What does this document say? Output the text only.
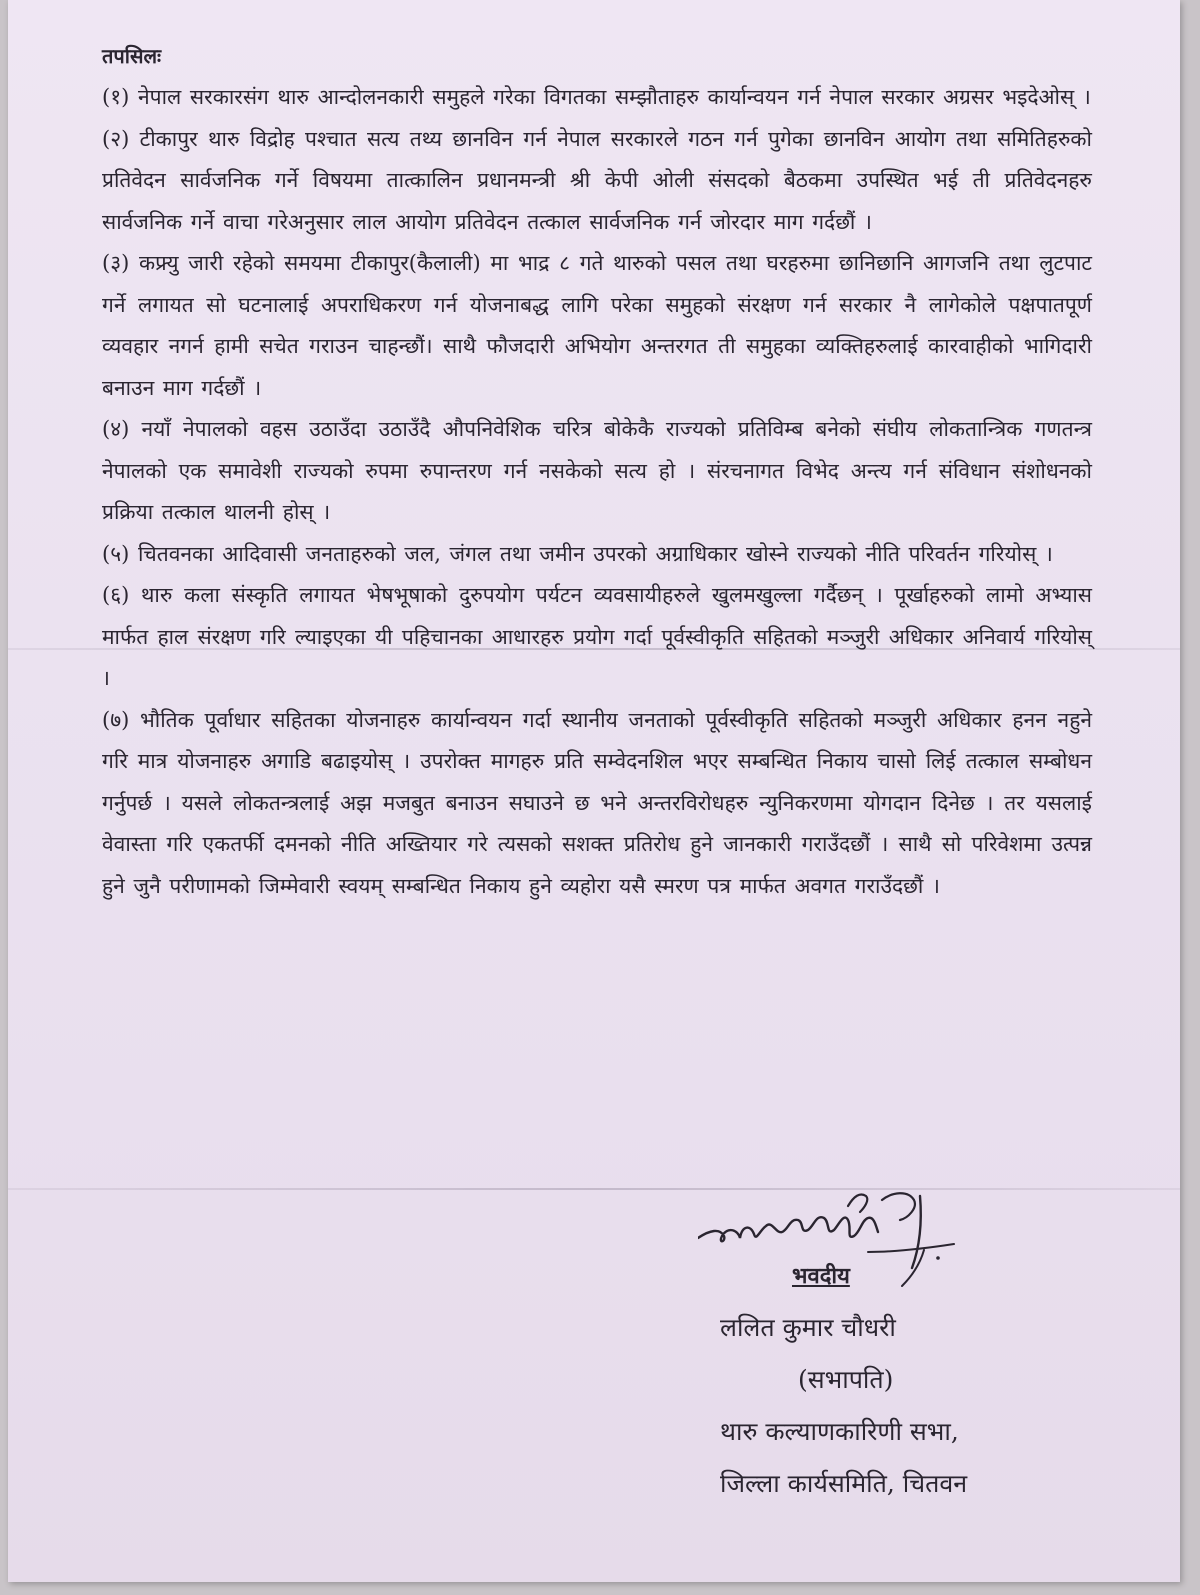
तपसिलः

(१) नेपाल सरकारसंग थारु आन्दोलनकारी समुहले गरेका विगतका सम्झौताहरु कार्यान्वयन गर्न नेपाल सरकार अग्रसर भइदेओस् ।

(२) टीकापुर थारु विद्रोह पश्चात सत्य तथ्य छानविन गर्न नेपाल सरकारले गठन गर्न पुगेका छानविन आयोग तथा समितिहरुको प्रतिवेदन सार्वजनिक गर्ने विषयमा तात्कालिन प्रधानमन्त्री श्री केपी ओली संसदको बैठकमा उपस्थित भई ती प्रतिवेदनहरु सार्वजनिक गर्ने वाचा गरेअनुसार लाल आयोग प्रतिवेदन तत्काल सार्वजनिक गर्न जोरदार माग गर्दछौं ।

(३) कफ्र्यु जारी रहेको समयमा टीकापुर(कैलाली) मा भाद्र ८ गते थारुको पसल तथा घरहरुमा छानिछानि आगजनि तथा लुटपाट गर्ने लगायत सो घटनालाई अपराधिकरण गर्न योजनाबद्ध लागि परेका समुहको संरक्षण गर्न सरकार नै लागेकोले पक्षपातपूर्ण व्यवहार नगर्न हामी सचेत गराउन चाहन्छौं। साथै फौजदारी अभियोग अन्तरगत ती समुहका व्यक्तिहरुलाई कारवाहीको भागिदारी बनाउन माग गर्दछौं ।

(४) नयाँ नेपालको वहस उठाउँदा उठाउँदै औपनिवेशिक चरित्र बोकेकै राज्यको प्रतिविम्ब बनेको संघीय लोकतान्त्रिक गणतन्त्र नेपालको एक समावेशी राज्यको रुपमा रुपान्तरण गर्न नसकेको सत्य हो । संरचनागत विभेद अन्त्य गर्न संविधान संशोधनको प्रक्रिया तत्काल थालनी होस् ।

(५) चितवनका आदिवासी जनताहरुको जल, जंगल तथा जमीन उपरको अग्राधिकार खोस्ने राज्यको नीति परिवर्तन गरियोस् ।

(६) थारु कला संस्कृति लगायत भेषभूषाको दुरुपयोग पर्यटन व्यवसायीहरुले खुलमखुल्ला गर्दैछन् । पूर्खाहरुको लामो अभ्यास मार्फत हाल संरक्षण गरि ल्याइएका यी पहिचानका आधारहरु प्रयोग गर्दा पूर्वस्वीकृति सहितको मञ्जुरी अधिकार अनिवार्य गरियोस् ।

(७) भौतिक पूर्वाधार सहितका योजनाहरु कार्यान्वयन गर्दा स्थानीय जनताको पूर्वस्वीकृति सहितको मञ्जुरी अधिकार हनन नहुने गरि मात्र योजनाहरु अगाडि बढाइयोस् । उपरोक्त मागहरु प्रति सम्वेदनशिल भएर सम्बन्धित निकाय चासो लिई तत्काल सम्बोधन गर्नुपर्छ । यसले लोकतन्त्रलाई अझ मजबुत बनाउन सघाउने छ भने अन्तरविरोधहरु न्युनिकरणमा योगदान दिनेछ । तर यसलाई वेवास्ता गरि एकतर्फी दमनको नीति अख्तियार गरे त्यसको सशक्त प्रतिरोध हुने जानकारी गराउँदछौं । साथै सो परिवेशमा उत्पन्न हुने जुनै परीणामको जिम्मेवारी स्वयम् सम्बन्धित निकाय हुने व्यहोरा यसै स्मरण पत्र मार्फत अवगत गराउँदछौं ।

भवदीय
ललित कुमार चौधरी
(सभापति)
थारु कल्याणकारिणी सभा,
जिल्ला कार्यसमिति, चितवन
